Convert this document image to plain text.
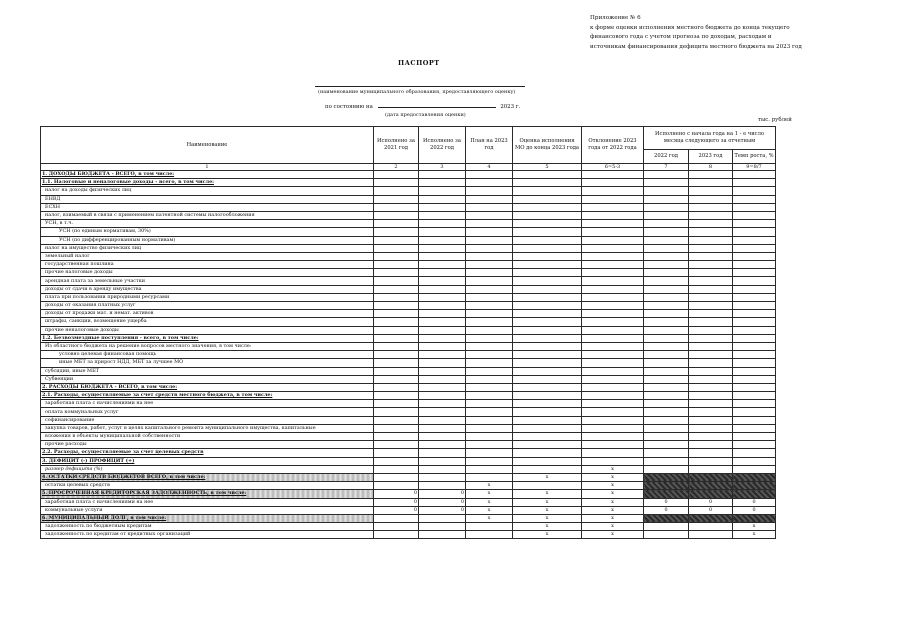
Приложение № 6
к форме оценки исполнения местного бюджета до конца текущего
финансового года с учетом прогноза по доходам, расходам и
источникам финансирования дефицита местного бюджета на 2023 год
ПАСПОРТ
(наименование муниципального образования, предоставляющего оценку)
по состоянию на	2023 г.
(дата предоставления оценки)
тыс. рублей
Наименование	Исполнено за 2021 год	Исполнено за 2022 год	План на 2023 год	Оценка исполнения МО до конца 2023 года	Отклонение 2023 года от 2022 года	Исполнено с начала года на 1 - е число месяца следующего за отчетным		
						2022 год	2023 год	Темп роста, %
1	2	3	4	5	6=5-3	7	8	9=8/7
1. ДОХОДЫ БЮДЖЕТА - ВСЕГО, в том числе:								
1.1. Налоговые и неналоговые доходы - всего, в том числе:								
налог на доходы физических лиц								
ЕНВД								
ЕСХН								
налог, взимаемый в связи с применением патентной системы налогообложения								
УСН, в т.ч.								
УСН (по единым нормативам, 30%)								
УСН (по дифференцированным нормативам)								
налог на имущество физических лиц								
земельный налог								
государственная пошлина								
прочие налоговые доходы								
арендная плата за земельные участки								
доходы от сдачи в аренду имущества								
плата при пользовании природными ресурсами								
доходы от оказания платных услуг								
доходы от продажи мат. и немат. активов								
штрафы, санкции, возмещение ущерба								
прочие неналоговые доходы								
1.2. Безвозмездные поступления - всего, в том числе:								
Из областного бюджета на решение вопросов местного значения, в том числе:								
условно целевая финансовая помощь								
иные МБТ за прирост НДД, МБТ за лучшее МО								
субсидии, иные МБТ								
Субвенции								
2. РАСХОДЫ БЮДЖЕТА - ВСЕГО, в том числе:								
2.1. Расходы, осуществляемые за счет средств местного бюджета, в том числе:								
заработная плата с начислениями на нее								
оплата коммунальных услуг								
софинансирование								
закупка товаров, работ, услуг в целях капитального ремонта муниципального имущества, капитальные								
вложения в объекты муниципальной собственности								
прочие расходы								
2.2. Расходы, осуществляемые за счет целевых средств								
3. ДЕФИЦИТ (-) ПРОФИЦИТ (+)								
размер дефицита (%)					x			
4. ОСТАТКИ СРЕДСТВ БЮДЖЕТОВ ВСЕГО, в том числе:				x	x			
остатки целевых средств			x		x			
5. ПРОСРОЧЕННАЯ КРЕДИТОРСКАЯ ЗАДОЛЖЕННОСТЬ, в том числе:	0	0	x	x	x			
заработная плата с начислениями на нее	0	0	x	x	x	0	0	0
коммунальные услуги	0	0	x	x	x	0	0	0
6. МУНИЦИПАЛЬНЫЙ ДОЛГ, в том числе:			x	x	x			
задолженность по бюджетным кредитам				x	x			x
задолженность по кредитам от кредитных организаций				x	x			x
